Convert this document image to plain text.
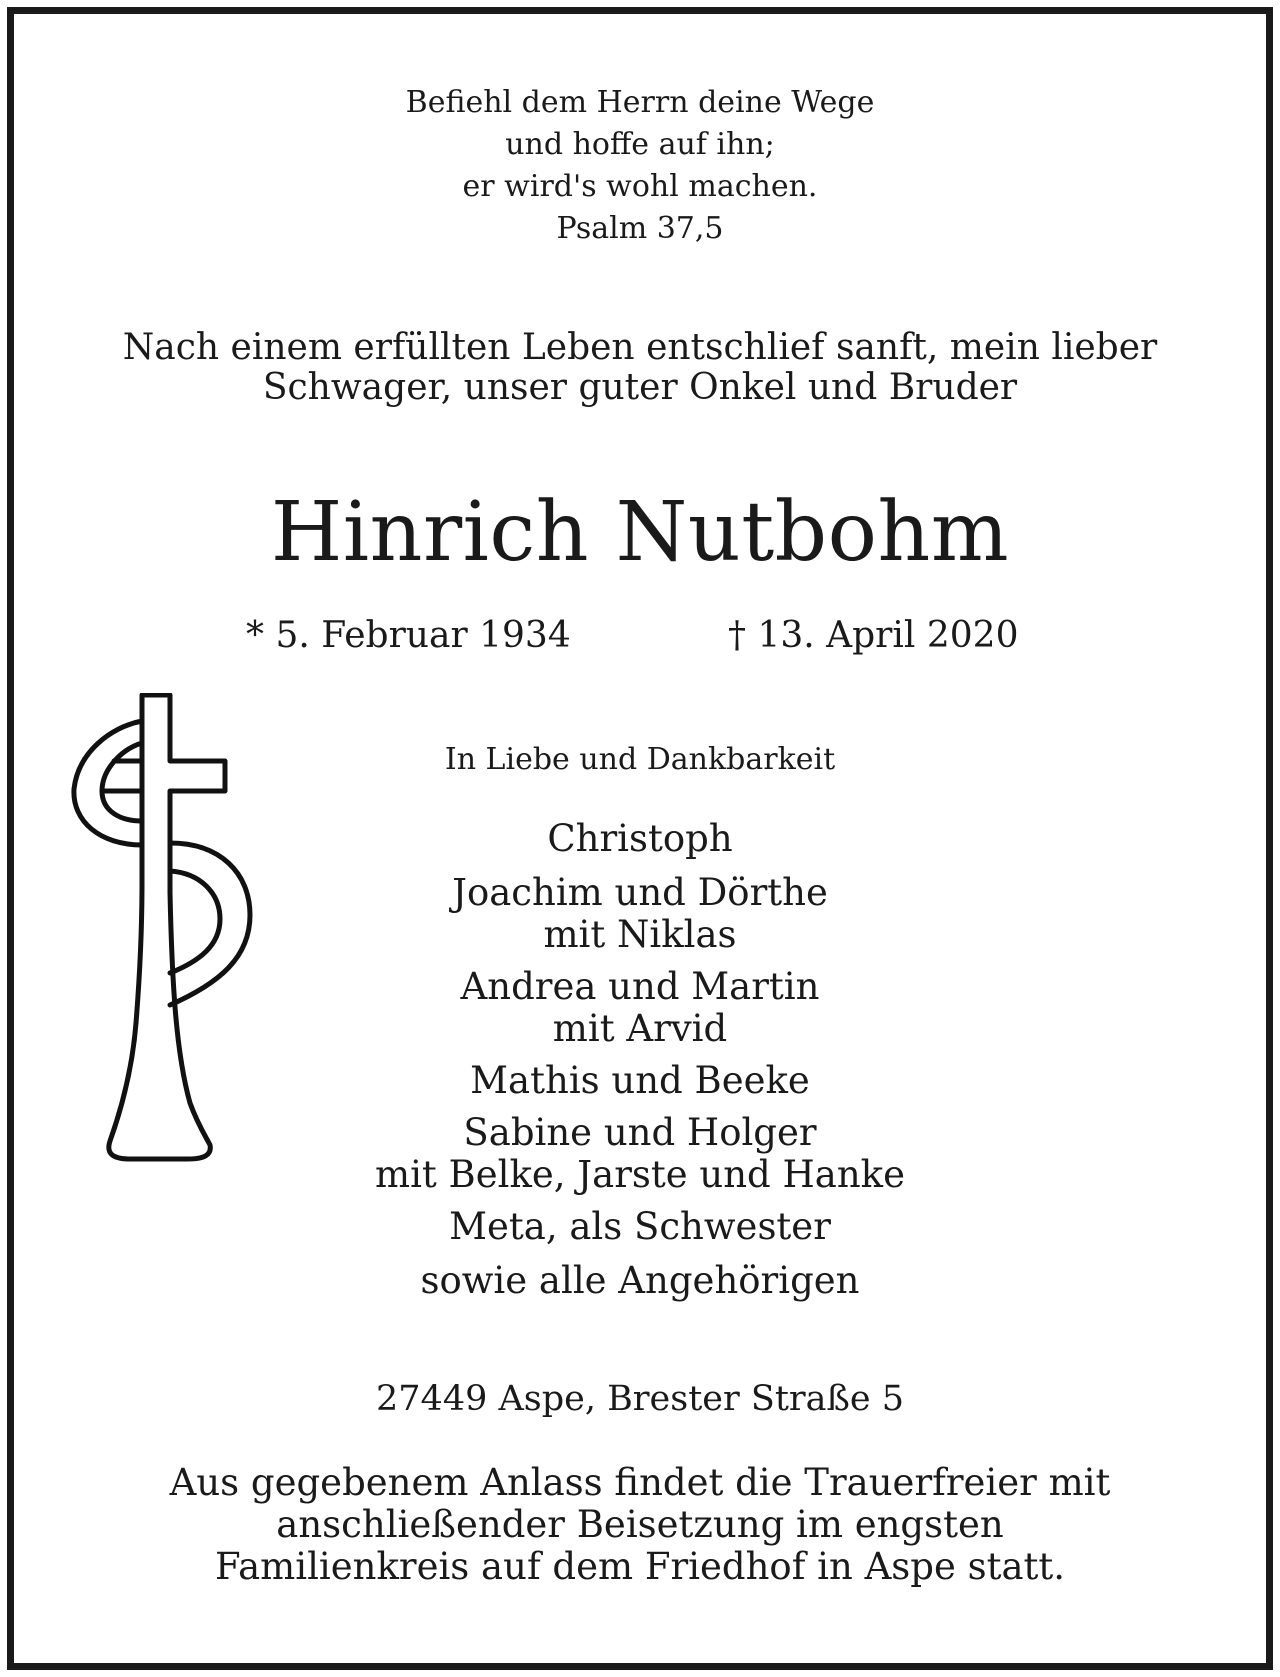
Befiehl dem Herrn deine Wege
und hoffe auf ihn;
er wird's wohl machen.
Psalm 37,5
Nach einem erfüllten Leben entschlief sanft, mein lieber
Schwager, unser guter Onkel und Bruder
Hinrich Nutbohm
* 5. Februar 1934	† 13. April 2020
In Liebe und Dankbarkeit
Christoph
Joachim und Dörthe
mit Niklas
Andrea und Martin
mit Arvid
Mathis und Beeke
Sabine und Holger
mit Belke, Jarste und Hanke
Meta, als Schwester
sowie alle Angehörigen
27449 Aspe, Brester Straße 5
Aus gegebenem Anlass findet die Trauerfreier mit
anschließender Beisetzung im engsten
Familienkreis auf dem Friedhof in Aspe statt.
